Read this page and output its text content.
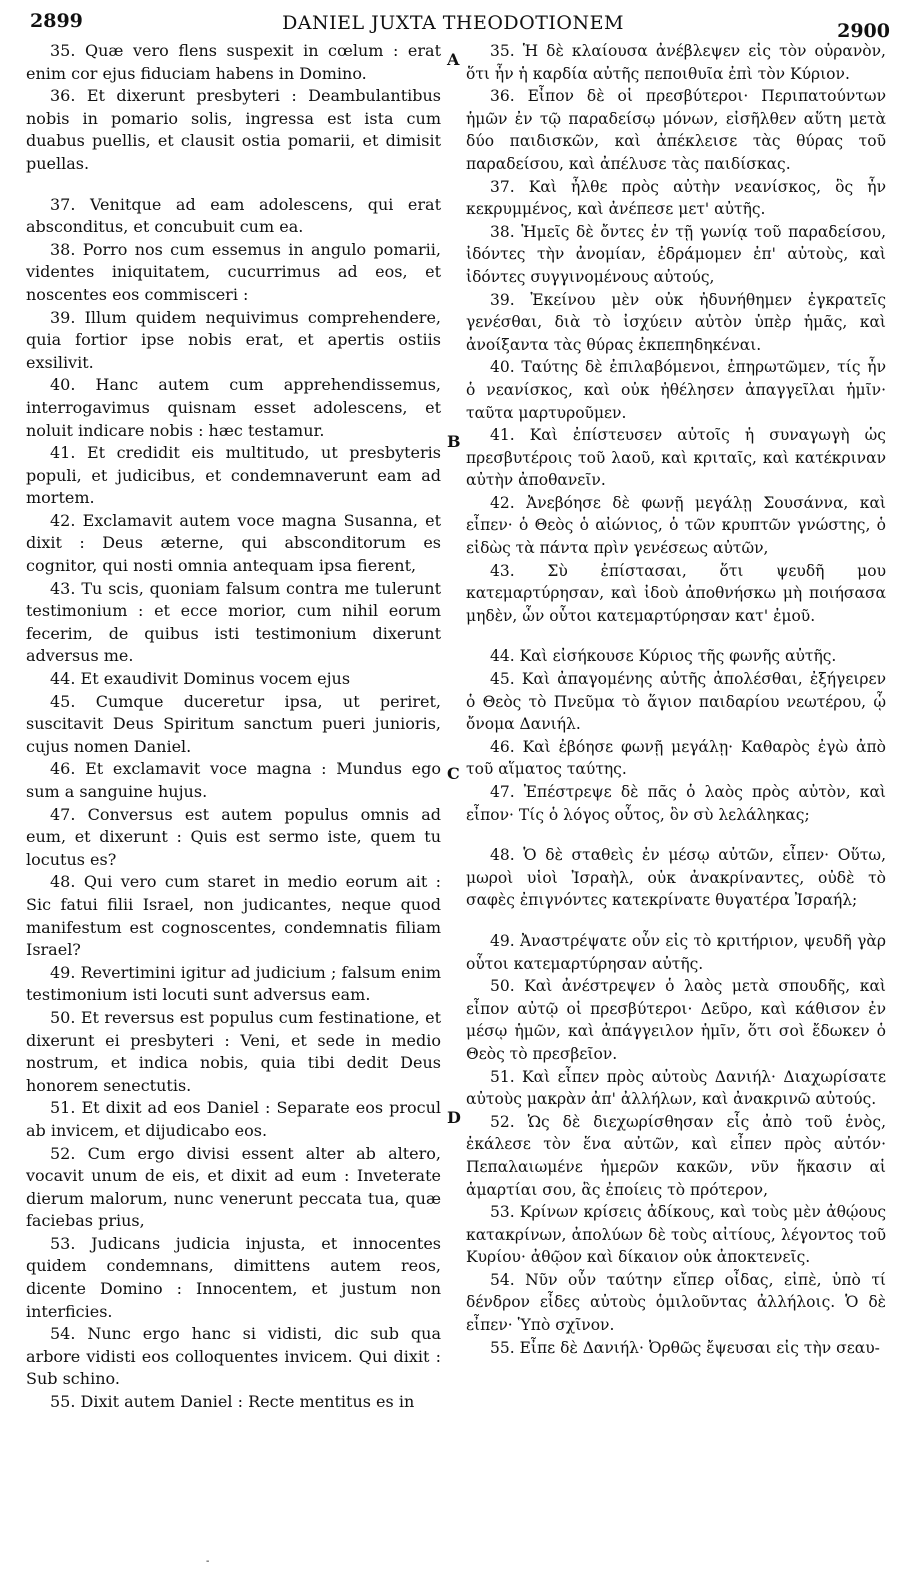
2899	DANIEL JUXTA THEODOTIONEM	2900

35. Quæ vero flens suspexit in cœlum : erat enim cor ejus fiduciam habens in Domino.

36. Et dixerunt presbyteri : Deambulantibus nobis in pomario solis, ingressa est ista cum duabus puellis, et clausit ostia pomarii, et dimisit puellas.

37. Venitque ad eam adolescens, qui erat absconditus, et concubuit cum ea.

38. Porro nos cum essemus in angulo pomarii, videntes iniquitatem, cucurrimus ad eos, et noscentes eos commisceri :

39. Illum quidem nequivimus comprehendere, quia fortior ipse nobis erat, et apertis ostiis exsilivit.

40. Hanc autem cum apprehendissemus, interrogavimus quisnam esset adolescens, et noluit indicare nobis : hæc testamur.

41. Et credidit eis multitudo, ut presbyteris populi, et judicibus, et condemnaverunt eam ad mortem.

42. Exclamavit autem voce magna Susanna, et dixit : Deus æterne, qui absconditorum es cognitor, qui nosti omnia antequam ipsa fierent,

43. Tu scis, quoniam falsum contra me tulerunt testimonium : et ecce morior, cum nihil eorum fecerim, de quibus isti testimonium dixerunt adversus me.

44. Et exaudivit Dominus vocem ejus

45. Cumque duceretur ipsa, ut periret, suscitavit Deus Spiritum sanctum pueri junioris, cujus nomen Daniel.

46. Et exclamavit voce magna : Mundus ego sum a sanguine hujus.

47. Conversus est autem populus omnis ad eum, et dixerunt : Quis est sermo iste, quem tu locutus es?

48. Qui vero cum staret in medio eorum ait : Sic fatui filii Israel, non judicantes, neque quod manifestum est cognoscentes, condemnatis filiam Israel?

49. Revertimini igitur ad judicium ; falsum enim testimonium isti locuti sunt adversus eam.

50. Et reversus est populus cum festinatione, et dixerunt ei presbyteri : Veni, et sede in medio nostrum, et indica nobis, quia tibi dedit Deus honorem senectutis.

51. Et dixit ad eos Daniel : Separate eos procul ab invicem, et dijudicabo eos.

52. Cum ergo divisi essent alter ab altero, vocavit unum de eis, et dixit ad eum : Inveterate dierum malorum, nunc venerunt peccata tua, quæ faciebas prius,

53. Judicans judicia injusta, et innocentes quidem condemnans, dimittens autem reos, dicente Domino : Innocentem, et justum non interficies.

54. Nunc ergo hanc si vidisti, dic sub qua arbore vidisti eos colloquentes invicem. Qui dixit : Sub schino.

55. Dixit autem Daniel : Recte mentitus es in

A
B
C
D

35. Ἡ δὲ κλαίουσα ἀνέβλεψεν εἰς τὸν οὐρανὸν, ὅτι ἦν ἡ καρδία αὐτῆς πεποιθυῖα ἐπὶ τὸν Κύριον.

36. Εἶπον δὲ οἱ πρεσβύτεροι· Περιπατούντων ἡμῶν ἐν τῷ παραδείσῳ μόνων, εἰσῆλθεν αὕτη μετὰ δύο παιδισκῶν, καὶ ἀπέκλεισε τὰς θύρας τοῦ παραδείσου, καὶ ἀπέλυσε τὰς παιδίσκας.

37. Καὶ ἦλθε πρὸς αὐτὴν νεανίσκος, ὃς ἦν κεκρυμμένος, καὶ ἀνέπεσε μετ' αὐτῆς.

38. Ἡμεῖς δὲ ὄντες ἐν τῇ γωνίᾳ τοῦ παραδείσου, ἰδόντες τὴν ἀνομίαν, ἐδράμομεν ἐπ' αὐτοὺς, καὶ ἰδόντες συγγινομένους αὐτούς,

39. Ἐκείνου μὲν οὐκ ἠδυνήθημεν ἐγκρατεῖς γενέσθαι, διὰ τὸ ἰσχύειν αὐτὸν ὑπὲρ ἡμᾶς, καὶ ἀνοίξαντα τὰς θύρας ἐκπεπηδηκέναι.

40. Ταύτης δὲ ἐπιλαβόμενοι, ἐπηρωτῶμεν, τίς ἦν ὁ νεανίσκος, καὶ οὐκ ἠθέλησεν ἀπαγγεῖλαι ἡμῖν· ταῦτα μαρτυροῦμεν.

41. Καὶ ἐπίστευσεν αὐτοῖς ἡ συναγωγὴ ὡς πρεσβυτέροις τοῦ λαοῦ, καὶ κριταῖς, καὶ κατέκριναν αὐτὴν ἀποθανεῖν.

42. Ἀνεβόησε δὲ φωνῇ μεγάλῃ Σουσάννα, καὶ εἶπεν· ὁ Θεὸς ὁ αἰώνιος, ὁ τῶν κρυπτῶν γνώστης, ὁ εἰδὼς τὰ πάντα πρὶν γενέσεως αὐτῶν,

43. Σὺ ἐπίστασαι, ὅτι ψευδῆ μου κατεμαρτύρησαν, καὶ ἰδοὺ ἀποθνήσκω μὴ ποιήσασα μηδὲν, ὧν οὗτοι κατεμαρτύρησαν κατ' ἐμοῦ.

44. Καὶ εἰσήκουσε Κύριος τῆς φωνῆς αὐτῆς.

45. Καὶ ἀπαγομένης αὐτῆς ἀπολέσθαι, ἐξήγειρεν ὁ Θεὸς τὸ Πνεῦμα τὸ ἅγιον παιδαρίου νεωτέρου, ᾧ ὄνομα Δανιήλ.

46. Καὶ ἐβόησε φωνῇ μεγάλῃ· Καθαρὸς ἐγὼ ἀπὸ τοῦ αἵματος ταύτης.

47. Ἐπέστρεψε δὲ πᾶς ὁ λαὸς πρὸς αὐτὸν, καὶ εἶπον· Τίς ὁ λόγος οὗτος, ὃν σὺ λελάληκας;

48. Ὁ δὲ σταθεὶς ἐν μέσῳ αὐτῶν, εἶπεν· Οὕτω, μωροὶ υἱοὶ Ἰσραὴλ, οὐκ ἀνακρίναντες, οὐδὲ τὸ σαφὲς ἐπιγνόντες κατεκρίνατε θυγατέρα Ἰσραήλ;

49. Ἀναστρέψατε οὖν εἰς τὸ κριτήριον, ψευδῆ γὰρ οὗτοι κατεμαρτύρησαν αὐτῆς.

50. Καὶ ἀνέστρεψεν ὁ λαὸς μετὰ σπουδῆς, καὶ εἶπον αὐτῷ οἱ πρεσβύτεροι· Δεῦρο, καὶ κάθισον ἐν μέσῳ ἡμῶν, καὶ ἀπάγγειλον ἡμῖν, ὅτι σοὶ ἔδωκεν ὁ Θεὸς τὸ πρεσβεῖον.

51. Καὶ εἶπεν πρὸς αὐτοὺς Δανιήλ· Διαχωρίσατε αὐτοὺς μακρὰν ἀπ' ἀλλήλων, καὶ ἀνακρινῶ αὐτούς.

52. Ὡς δὲ διεχωρίσθησαν εἷς ἀπὸ τοῦ ἑνὸς, ἐκάλεσε τὸν ἕνα αὐτῶν, καὶ εἶπεν πρὸς αὐτόν· Πεπαλαιωμένε ἡμερῶν κακῶν, νῦν ἥκασιν αἱ ἁμαρτίαι σου, ἃς ἐποίεις τὸ πρότερον,

53. Κρίνων κρίσεις ἀδίκους, καὶ τοὺς μὲν ἀθῴους κατακρίνων, ἀπολύων δὲ τοὺς αἰτίους, λέγοντος τοῦ Κυρίου· ἀθῷον καὶ δίκαιον οὐκ ἀποκτενεῖς.

54. Νῦν οὖν ταύτην εἴπερ οἶδας, εἰπὲ, ὑπὸ τί δένδρον εἶδες αὐτοὺς ὁμιλοῦντας ἀλλήλοις. Ὁ δὲ εἶπεν· Ὑπὸ σχῖνον.

55. Εἶπε δὲ Δανιήλ· Ὀρθῶς ἔψευσαι εἰς τὴν σεαυ-

-
